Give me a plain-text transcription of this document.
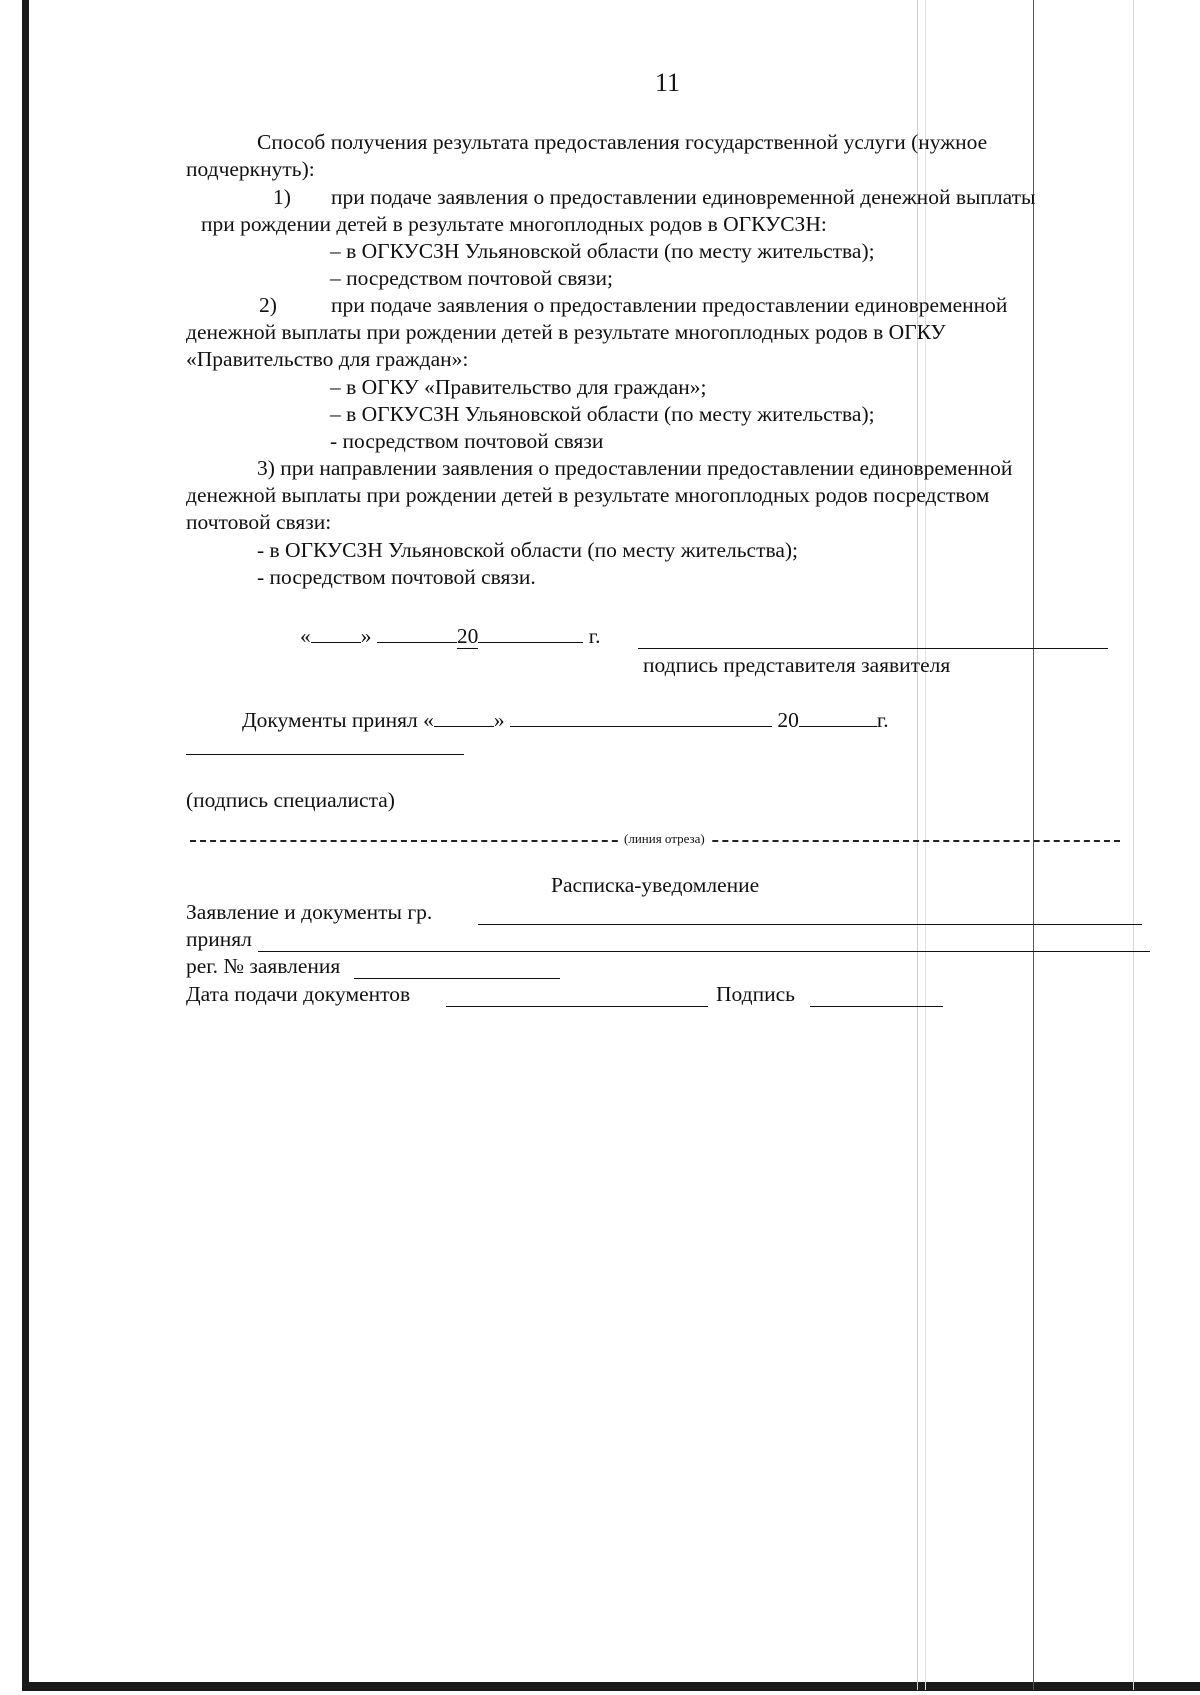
11
Способ получения результата предоставления государственной услуги (нужное
подчеркнуть):
1) при подаче заявления о предоставлении единовременной денежной выплаты
при рождении детей в результате многоплодных родов в ОГКУСЗН:
– в ОГКУСЗН Ульяновской области (по месту жительства);
– посредством почтовой связи;
2)	при подаче заявления о предоставлении предоставлении единовременной
денежной выплаты при рождении детей в результате многоплодных родов в ОГКУ
«Правительство для граждан»:
– в ОГКУ «Правительство для граждан»;
– в ОГКУСЗН Ульяновской области (по месту жительства);
- посредством почтовой связи
3) при направлении заявления о предоставлении предоставлении единовременной
денежной выплаты при рождении детей в результате многоплодных родов посредством
почтовой связи:
- в ОГКУСЗН Ульяновской области (по месту жительства);
- посредством почтовой связи.
« »	20	г.
подпись представителя заявителя
Документы принял «	»	20	г.
(подпись специалиста)
(линия отреза)
Расписка-уведомление
Заявление и документы гр.
принял
рег. № заявления
Дата подачи документов	Подпись
